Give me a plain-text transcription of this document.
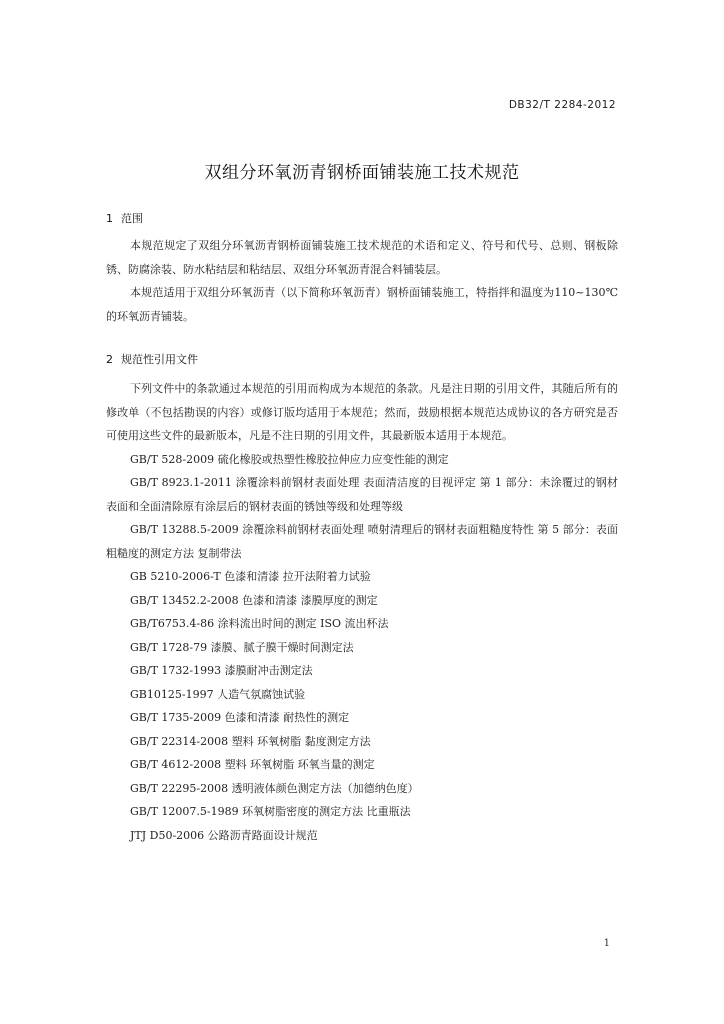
DB32/T 2284-2012
双组分环氧沥青钢桥面铺装施工技术规范
1 范围

本规范规定了双组分环氧沥青钢桥面铺装施工技术规范的术语和定义、符号和代号、总则、钢板除锈、防腐涂装、防水粘结层和粘结层、双组分环氧沥青混合料铺装层。

本规范适用于双组分环氧沥青（以下简称环氧沥青）钢桥面铺装施工，特指拌和温度为110~130℃的环氧沥青铺装。

2 规范性引用文件

下列文件中的条款通过本规范的引用而构成为本规范的条款。凡是注日期的引用文件，其随后所有的修改单（不包括勘误的内容）或修订版均适用于本规范；然而，鼓励根据本规范达成协议的各方研究是否可使用这些文件的最新版本，凡是不注日期的引用文件，其最新版本适用于本规范。

GB/T 528-2009 硫化橡胶或热塑性橡胶拉伸应力应变性能的测定

GB/T 8923.1-2011 涂覆涂料前钢材表面处理 表面清洁度的目视评定 第 1 部分：未涂覆过的钢材表面和全面清除原有涂层后的钢材表面的锈蚀等级和处理等级

GB/T 13288.5-2009 涂覆涂料前钢材表面处理 喷射清理后的钢材表面粗糙度特性 第 5 部分：表面粗糙度的测定方法 复制带法

GB 5210-2006-T 色漆和清漆 拉开法附着力试验

GB/T 13452.2-2008 色漆和清漆 漆膜厚度的测定

GB/T6753.4-86 涂料流出时间的测定 ISO 流出杯法

GB/T 1728-79 漆膜、腻子膜干燥时间测定法

GB/T 1732-1993 漆膜耐冲击测定法

GB10125-1997 人造气氛腐蚀试验

GB/T 1735-2009 色漆和清漆 耐热性的测定

GB/T 22314-2008 塑料 环氧树脂 黏度测定方法

GB/T 4612-2008 塑料 环氧树脂 环氧当量的测定

GB/T 22295-2008 透明液体颜色测定方法（加德纳色度）

GB/T 12007.5-1989 环氧树脂密度的测定方法 比重瓶法

JTJ D50-2006 公路沥青路面设计规范

1
